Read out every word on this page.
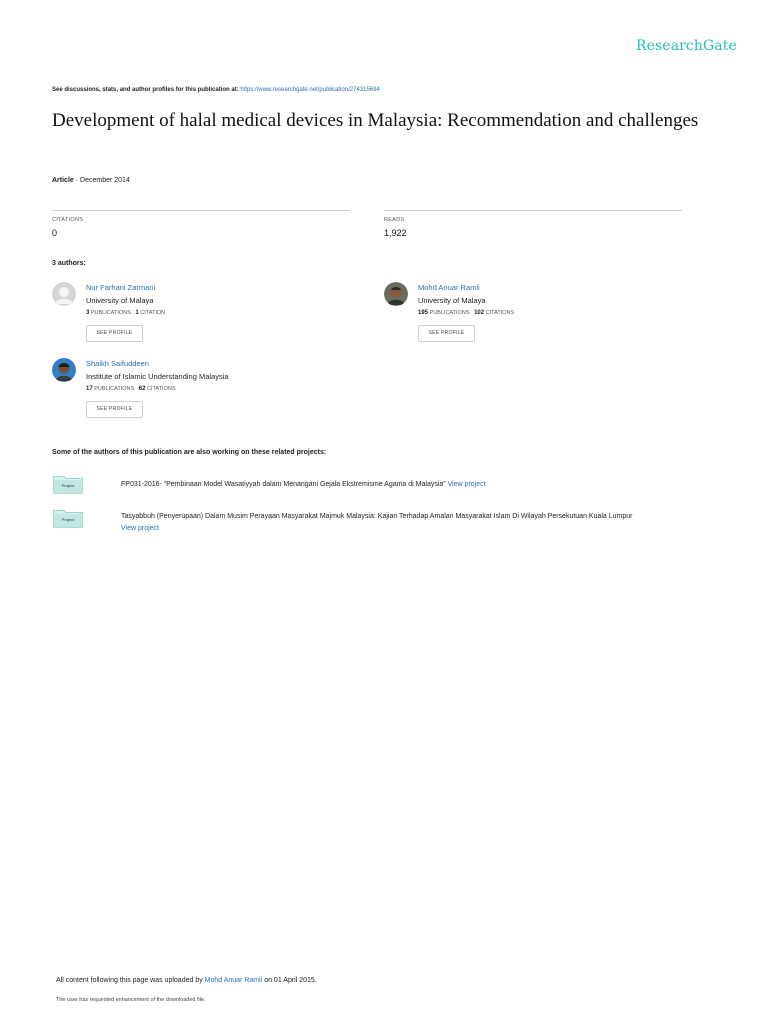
ResearchGate
See discussions, stats, and author profiles for this publication at: https://www.researchgate.net/publication/274315694
Development of halal medical devices in Malaysia: Recommendation and challenges
Article · December 2014
CITATIONS
0
READS
1,922
3 authors:
Nur Farhani Zarmani
University of Malaya
3 PUBLICATIONS 1 CITATION
SEE PROFILE
Mohd Anuar Ramli
University of Malaya
195 PUBLICATIONS 102 CITATIONS
SEE PROFILE
Shaikh Saifuddeen
Institute of Islamic Understanding Malaysia
17 PUBLICATIONS 62 CITATIONS
SEE PROFILE
Some of the authors of this publication are also working on these related projects:
Project	FP031-2016- “Pembinaan Model Wasatiyyah dalam Menangani Gejala Ekstremisme Agama di Malaysia” View project
Project	Tasyabbuh (Penyerupaan) Dalam Musim Perayaan Masyarakat Majmuk Malaysia: Kajian Terhadap Amalan Masyarakat Islam Di Wilayah Persekutuan Kuala Lumpur
View project
All content following this page was uploaded by Mohd Anuar Ramli on 01 April 2015.
The user has requested enhancement of the downloaded file.
